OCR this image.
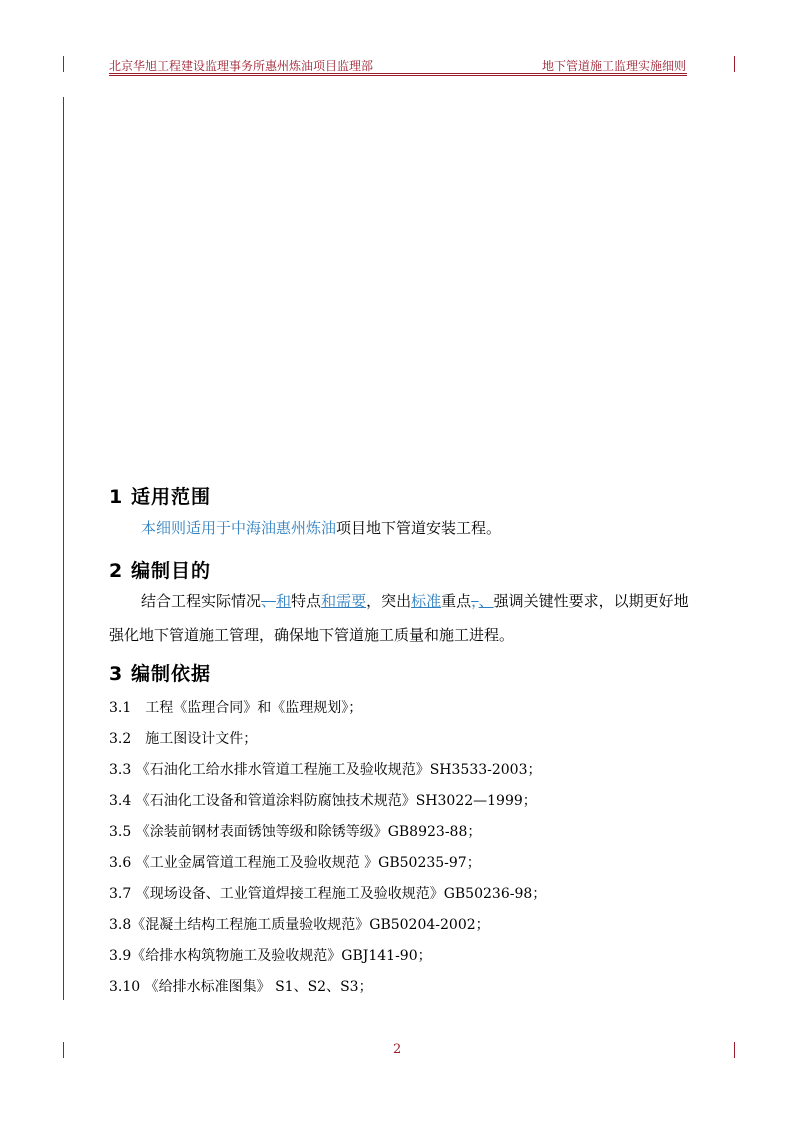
北京华旭工程建设监理事务所惠州炼油项目监理部	地下管道施工监理实施细则
1 适用范围

本细则适用于中海油惠州炼油项目地下管道安装工程。

2 编制目的

结合工程实际情况、和特点和需要，突出标准重点，、强调关键性要求，以期更好地强化地下管道施工管理，确保地下管道施工质量和施工进程。

3 编制依据

3.1　工程《监理合同》和《监理规划》；

3.2　施工图设计文件；

3.3 《石油化工给水排水管道工程施工及验收规范》SH3533-2003；

3.4 《石油化工设备和管道涂料防腐蚀技术规范》SH3022—1999；

3.5 《涂装前钢材表面锈蚀等级和除锈等级》GB8923-88；

3.6 《工业金属管道工程施工及验收规范 》GB50235-97；

3.7 《现场设备、工业管道焊接工程施工及验收规范》GB50236-98；

3.8《混凝土结构工程施工质量验收规范》GB50204-2002；

3.9《给排水构筑物施工及验收规范》GBJ141-90；

3.10 《给排水标准图集》 S1、S2、S3；

2
